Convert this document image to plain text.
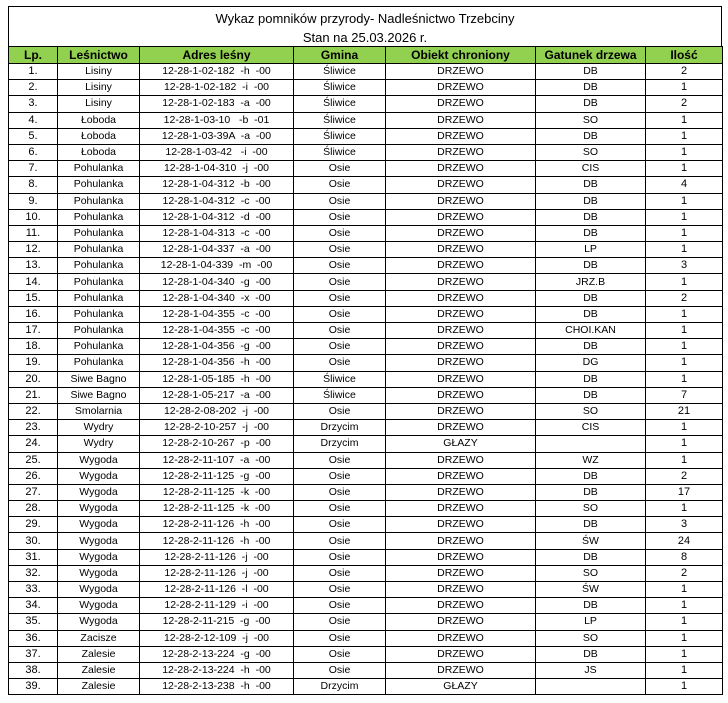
Wykaz pomników przyrody- Nadleśnictwo Trzebciny
Stan na 25.03.2026 r.
Lp.	Leśnictwo	Adres leśny	Gmina	Obiekt chroniony	Gatunek drzewa	Ilość
1.	Lisiny	12-28-1-02-182  -h  -00	Śliwice	DRZEWO	DB	2
2.	Lisiny	12-28-1-02-182  -i  -00	Śliwice	DRZEWO	DB	1
3.	Lisiny	12-28-1-02-183  -a  -00	Śliwice	DRZEWO	DB	2
4.	Łoboda	12-28-1-03-10   -b  -01	Śliwice	DRZEWO	SO	1
5.	Łoboda	12-28-1-03-39A  -a  -00	Śliwice	DRZEWO	DB	1
6.	Łoboda	12-28-1-03-42   -i  -00	Śliwice	DRZEWO	SO	1
7.	Pohulanka	12-28-1-04-310  -j  -00	Osie	DRZEWO	CIS	1
8.	Pohulanka	12-28-1-04-312  -b  -00	Osie	DRZEWO	DB	4
9.	Pohulanka	12-28-1-04-312  -c  -00	Osie	DRZEWO	DB	1
10.	Pohulanka	12-28-1-04-312  -d  -00	Osie	DRZEWO	DB	1
11.	Pohulanka	12-28-1-04-313  -c  -00	Osie	DRZEWO	DB	1
12.	Pohulanka	12-28-1-04-337  -a  -00	Osie	DRZEWO	LP	1
13.	Pohulanka	12-28-1-04-339  -m  -00	Osie	DRZEWO	DB	3
14.	Pohulanka	12-28-1-04-340  -g  -00	Osie	DRZEWO	JRZ.B	1
15.	Pohulanka	12-28-1-04-340  -x  -00	Osie	DRZEWO	DB	2
16.	Pohulanka	12-28-1-04-355  -c  -00	Osie	DRZEWO	DB	1
17.	Pohulanka	12-28-1-04-355  -c  -00	Osie	DRZEWO	CHOI.KAN	1
18.	Pohulanka	12-28-1-04-356  -g  -00	Osie	DRZEWO	DB	1
19.	Pohulanka	12-28-1-04-356  -h  -00	Osie	DRZEWO	DG	1
20.	Siwe Bagno	12-28-1-05-185  -h  -00	Śliwice	DRZEWO	DB	1
21.	Siwe Bagno	12-28-1-05-217  -a  -00	Śliwice	DRZEWO	DB	7
22.	Smolarnia	12-28-2-08-202  -j  -00	Osie	DRZEWO	SO	21
23.	Wydry	12-28-2-10-257  -j  -00	Drzycim	DRZEWO	CIS	1
24.	Wydry	12-28-2-10-267  -p  -00	Drzycim	GŁAZY		1
25.	Wygoda	12-28-2-11-107  -a  -00	Osie	DRZEWO	WZ	1
26.	Wygoda	12-28-2-11-125  -g  -00	Osie	DRZEWO	DB	2
27.	Wygoda	12-28-2-11-125  -k  -00	Osie	DRZEWO	DB	17
28.	Wygoda	12-28-2-11-125  -k  -00	Osie	DRZEWO	SO	1
29.	Wygoda	12-28-2-11-126  -h  -00	Osie	DRZEWO	DB	3
30.	Wygoda	12-28-2-11-126  -h  -00	Osie	DRZEWO	ŚW	24
31.	Wygoda	12-28-2-11-126  -j  -00	Osie	DRZEWO	DB	8
32.	Wygoda	12-28-2-11-126  -j  -00	Osie	DRZEWO	SO	2
33.	Wygoda	12-28-2-11-126  -l  -00	Osie	DRZEWO	ŚW	1
34.	Wygoda	12-28-2-11-129  -i  -00	Osie	DRZEWO	DB	1
35.	Wygoda	12-28-2-11-215  -g  -00	Osie	DRZEWO	LP	1
36.	Zacisze	12-28-2-12-109  -j  -00	Osie	DRZEWO	SO	1
37.	Zalesie	12-28-2-13-224  -g  -00	Osie	DRZEWO	DB	1
38.	Zalesie	12-28-2-13-224  -h  -00	Osie	DRZEWO	JS	1
39.	Zalesie	12-28-2-13-238  -h  -00	Drzycim	GŁAZY		1
